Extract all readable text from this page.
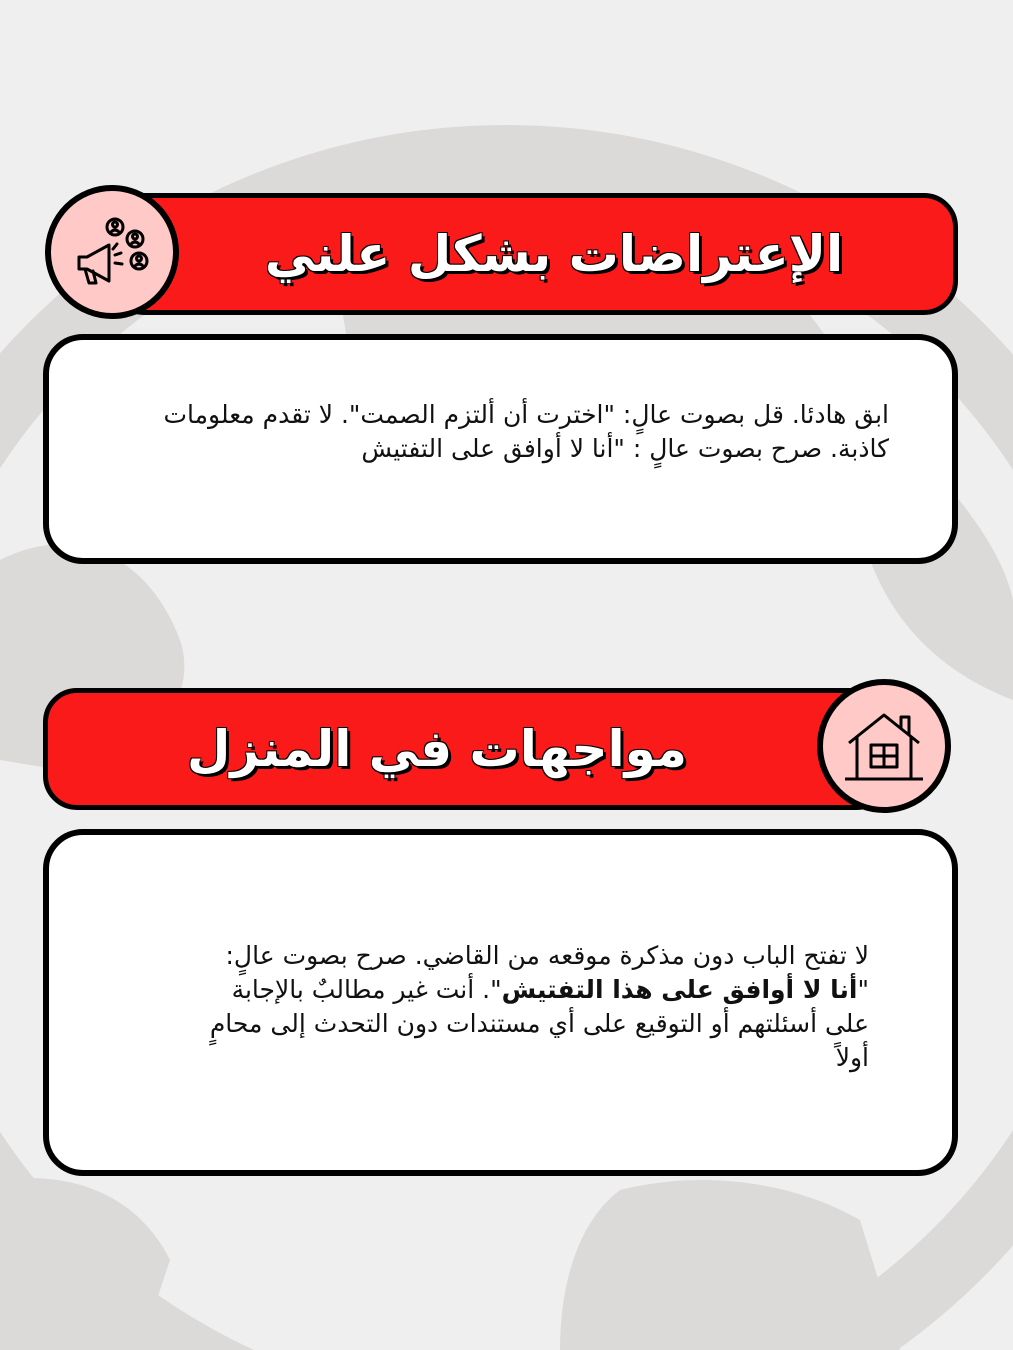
الإعتراضات بشكل علني
ابق هادئا. قل بصوت عالٍ: "اخترت أن ألتزم الصمت". لا تقدم معلومات كاذبة. صرح بصوت عالٍ : "أنا لا أوافق على التفتيش
مواجهات في المنزل
لا تفتح الباب دون مذكرة موقعه من القاضي. صرح بصوت عالٍ: "أنا لا أوافق على هذا التفتيش". أنت غير مطالبٌ بالإجابة على أسئلتهم أو التوقيع على أي مستندات دون التحدث إلى محامٍ أولاً
